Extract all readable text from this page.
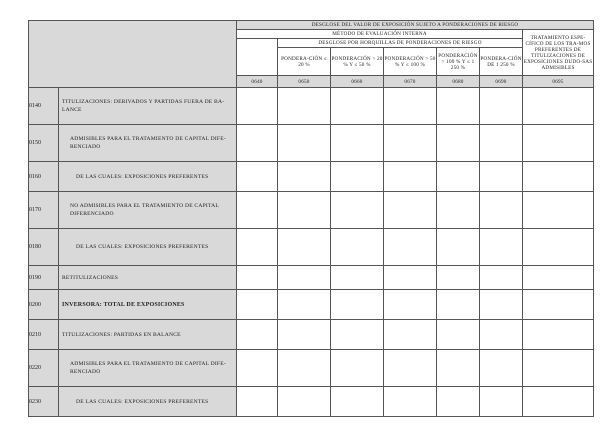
		DESGLOSE DEL VALOR DE EXPOSICIÓN SUJETO A PONDERACIONES DE RIESGO						
		MÉTODO DE EVALUACIÓN INTERNA						TRATAMIENTO ESPE-CÍFICO DE LOS TRA-MOS PREFERENTES DE TITULIZACIONES DE EXPOSICIONES DUDO-SAS ADMISIBLES
			DESGLOSE POR HORQUILLAS DE PONDERACIONES DE RIESGO					
			PONDERA-CIÓN ≤ 20 %	PONDERACIÓN > 20 % Y ≤ 50 %	PONDERACIÓN > 50 % Y ≤ 100 %	PONDERACIÓN > 100 % Y ≤ 1 250 %	PONDERA-CIÓN DE 1 250 %	
		0640	0650	0660	0670	0680	0690	0695
0140	TITULIZACIONES: DERIVADOS Y PARTIDAS FUERA DE BA-LANCE							
0150	ADMISIBLES PARA EL TRATAMIENTO DE CAPITAL DIFE-RENCIADO							
0160	DE LAS CUALES: EXPOSICIONES PREFERENTES							
0170	NO ADMISIBLES PARA EL TRATAMIENTO DE CAPITAL DIFERENCIADO							
0180	DE LAS CUALES: EXPOSICIONES PREFERENTES							
0190	RETITULIZACIONES							
0200	INVERSORA: TOTAL DE EXPOSICIONES							
0210	TITULIZACIONES: PARTIDAS EN BALANCE							
0220	ADMISIBLES PARA EL TRATAMIENTO DE CAPITAL DIFE-RENCIADO							
0230	DE LAS CUALES: EXPOSICIONES PREFERENTES							
